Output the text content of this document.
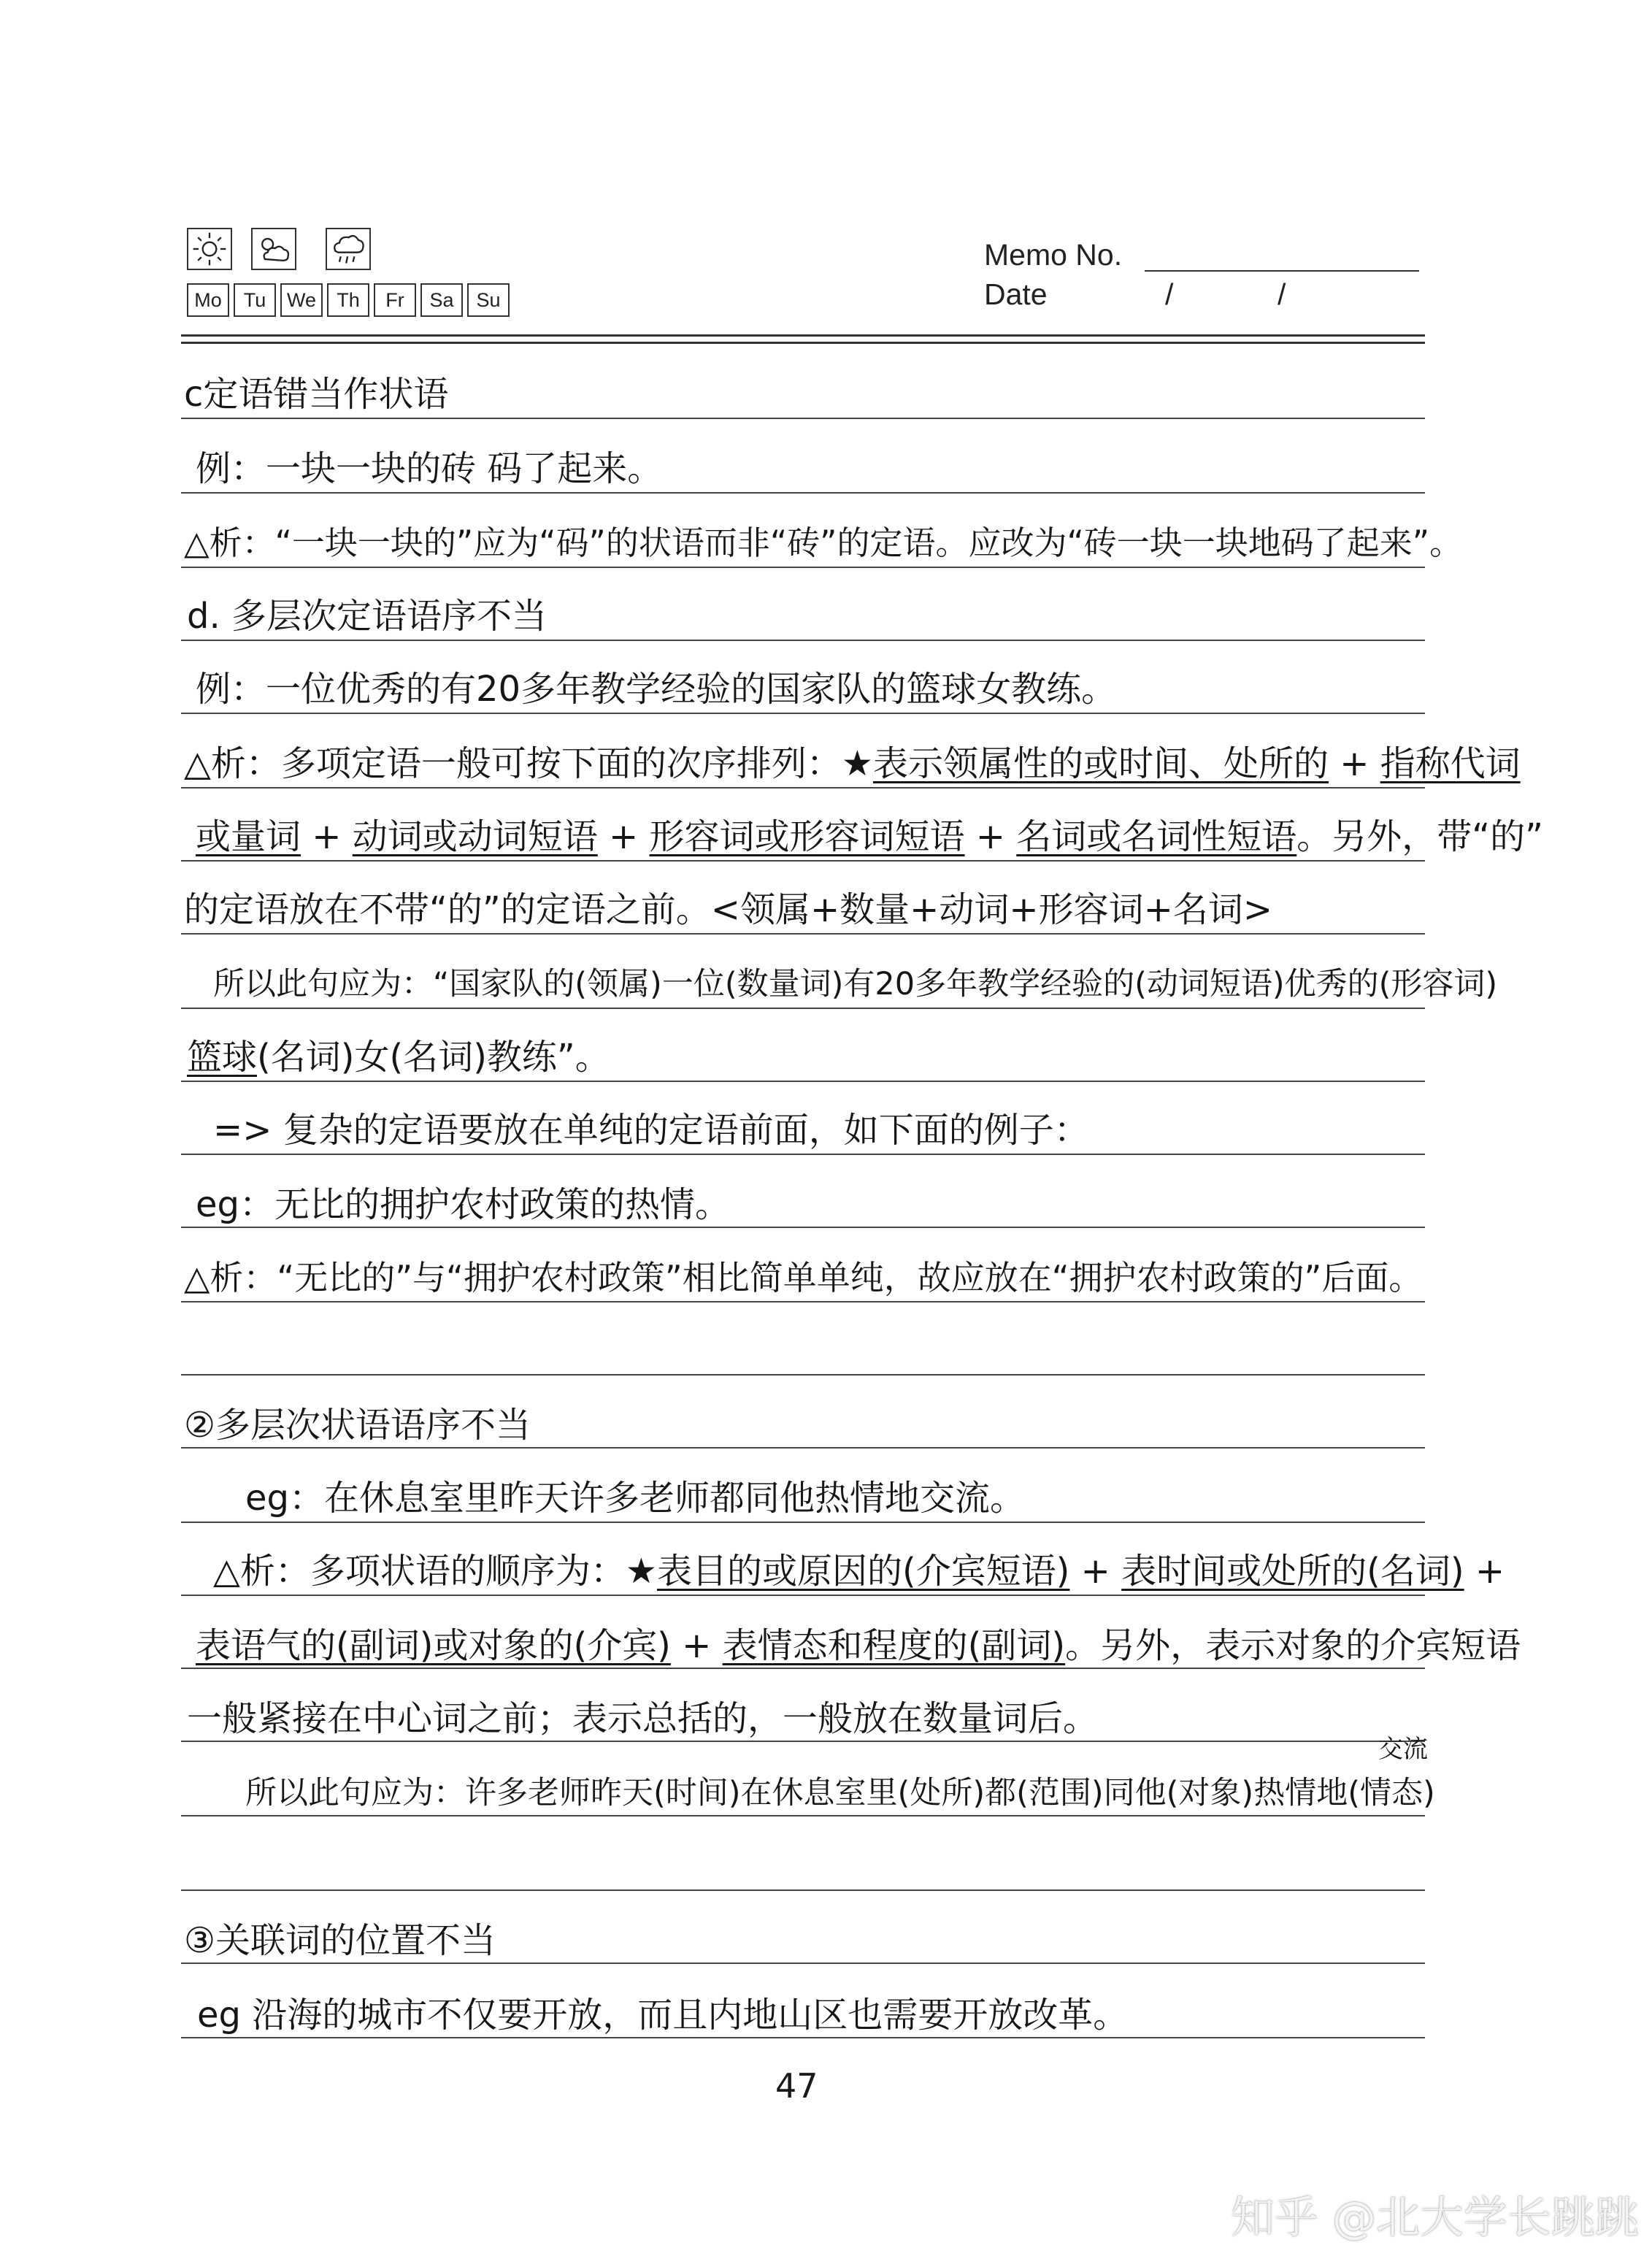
Mo	Tu	We	Th	Fr	Sa	Su
Memo No.
Date	/	/
c定语错当作状语
例：一块一块的砖 码了起来。
△析：“一块一块的”应为“码”的状语而非“砖”的定语。应改为“砖一块一块地码了起来”。
d. 多层次定语语序不当
例：一位优秀的有20多年教学经验的国家队的篮球女教练。
△析：多项定语一般可按下面的次序排列：★表示领属性的或时间、处所的 + 指称代词
或量词 + 动词或动词短语 + 形容词或形容词短语 + 名词或名词性短语。另外，带“的”
的定语放在不带“的”的定语之前。<领属+数量+动词+形容词+名词>
所以此句应为：“国家队的(领属)一位(数量词)有20多年教学经验的(动词短语)优秀的(形容词)
篮球(名词)女(名词)教练”。
=> 复杂的定语要放在单纯的定语前面，如下面的例子：
eg：无比的拥护农村政策的热情。
△析：“无比的”与“拥护农村政策”相比简单单纯，故应放在“拥护农村政策的”后面。
②多层次状语语序不当
eg：在休息室里昨天许多老师都同他热情地交流。
△析：多项状语的顺序为：★表目的或原因的(介宾短语) + 表时间或处所的(名词) +
表语气的(副词)或对象的(介宾) + 表情态和程度的(副词)。另外，表示对象的介宾短语
一般紧接在中心词之前；表示总括的，一般放在数量词后。
交流
所以此句应为：许多老师昨天(时间)在休息室里(处所)都(范围)同他(对象)热情地(情态)
③关联词的位置不当
eg 沿海的城市不仅要开放，而且内地山区也需要开放改革。
47
知乎 @北大学长跳跳
